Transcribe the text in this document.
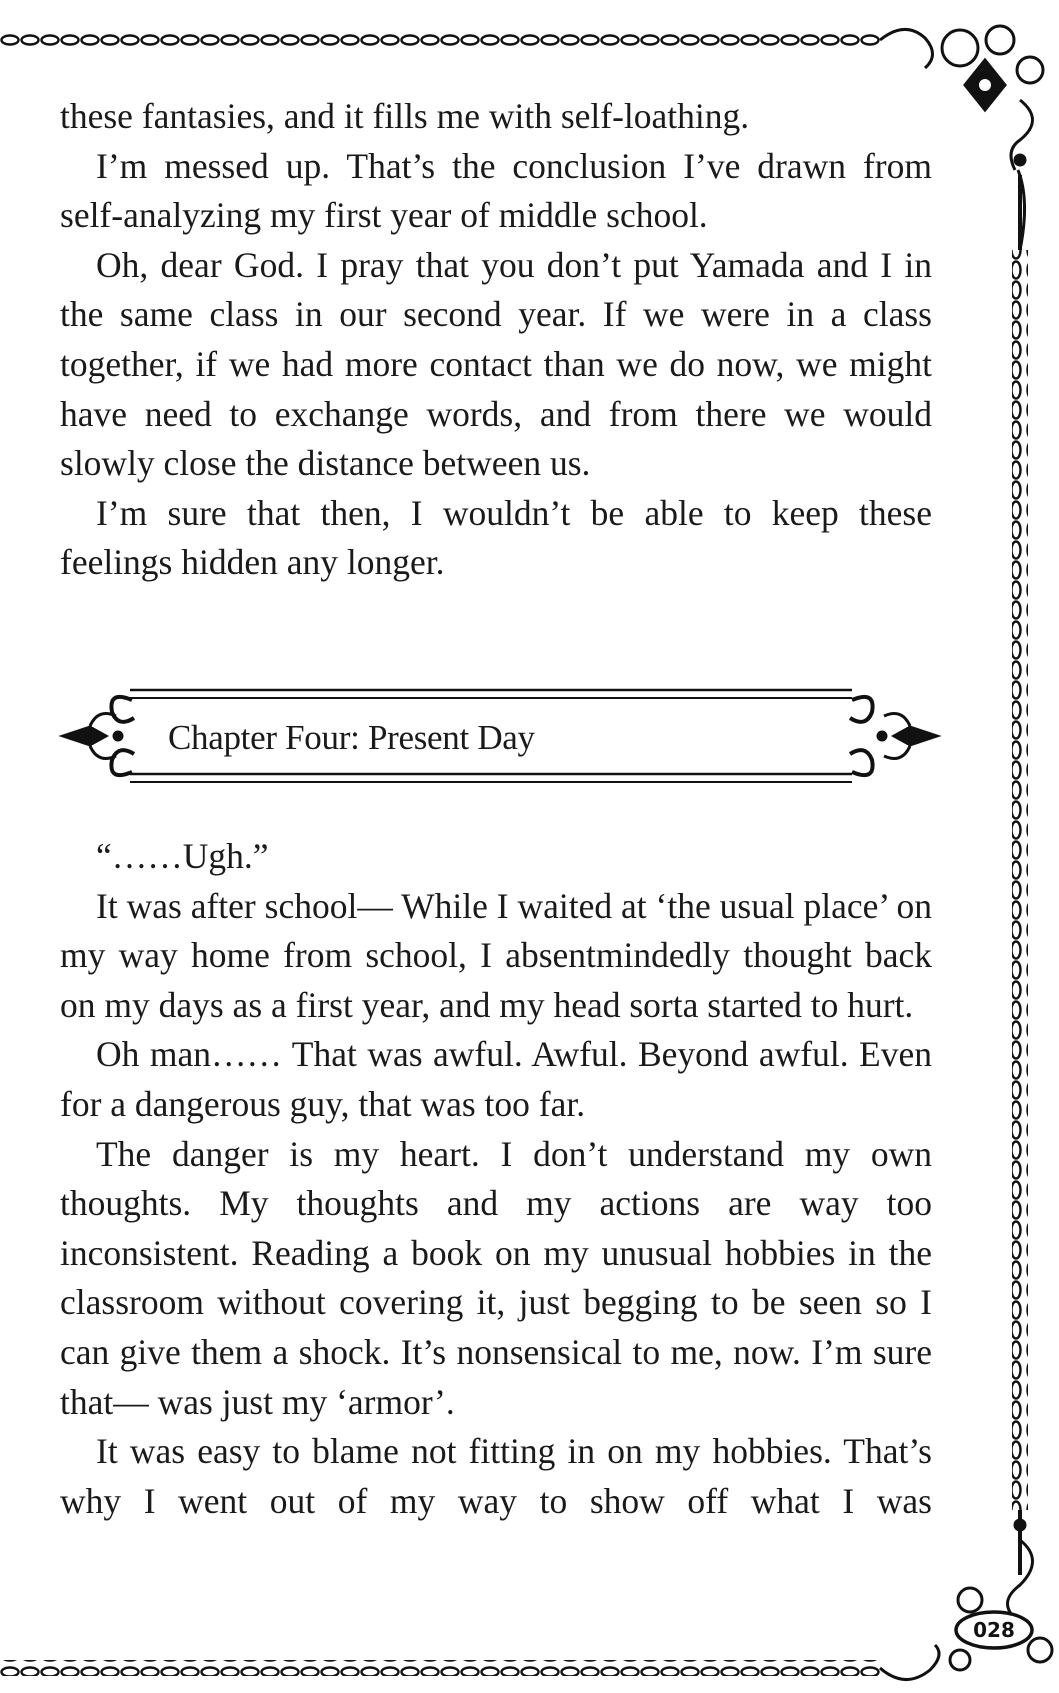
these fantasies, and it fills me with self-loathing.

I’m messed up. That’s the conclusion I’ve drawn from self-analyzing my first year of middle school.

Oh, dear God. I pray that you don’t put Yamada and I in the same class in our second year. If we were in a class together, if we had more contact than we do now, we might have need to exchange words, and from there we would slowly close the distance between us.

I’m sure that then, I wouldn’t be able to keep these feelings hidden any longer.

Chapter Four: Present Day

“……Ugh.”

It was after school— While I waited at ‘the usual place’ on my way home from school, I absentmindedly thought back on my days as a first year, and my head sorta started to hurt.

Oh man…… That was awful. Awful. Beyond awful. Even for a dangerous guy, that was too far.

The danger is my heart. I don’t understand my own thoughts. My thoughts and my actions are way too inconsistent. Reading a book on my unusual hobbies in the classroom without covering it, just begging to be seen so I can give them a shock. It’s nonsensical to me, now. I’m sure that— was just my ‘armor’.

It was easy to blame not fitting in on my hobbies. That’s why I went out of my way to show off what I was

028
